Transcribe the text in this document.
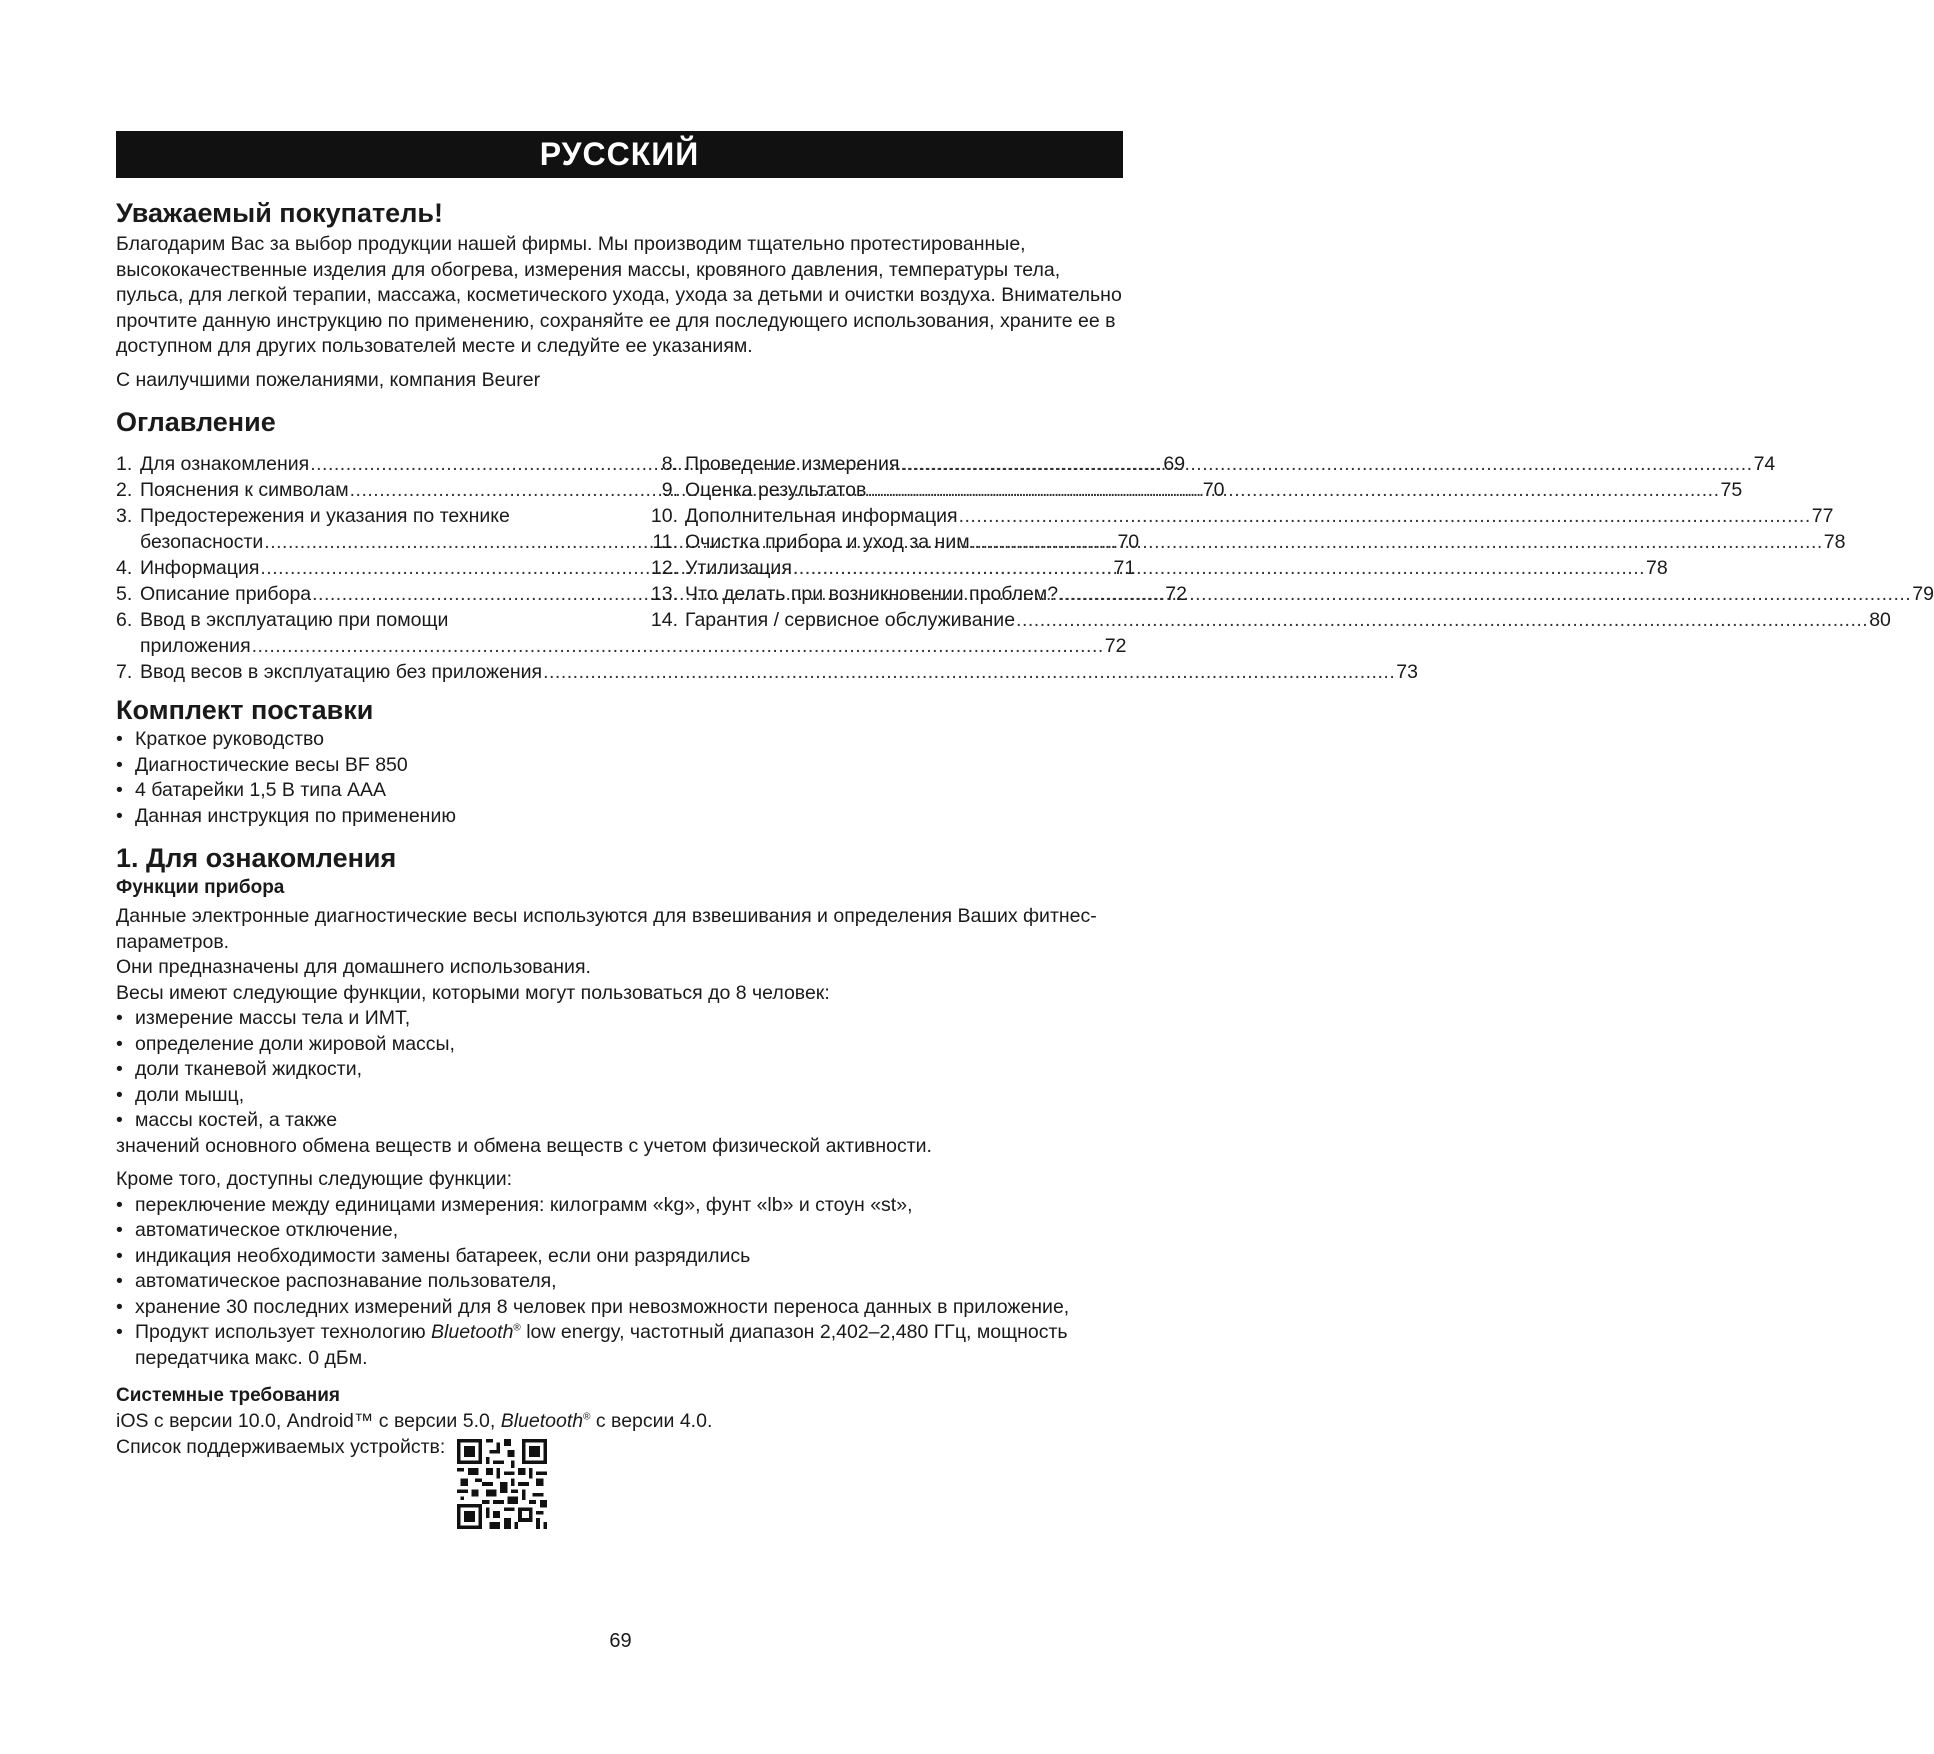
РУССКИЙ
Уважаемый покупатель!

Благодарим Вас за выбор продукции нашей фирмы. Мы производим тщательно протестированные, высококачественные изделия для обогрева, измерения массы, кровяного давления, температуры тела, пульса, для легкой терапии, массажа, косметического ухода, ухода за детьми и очистки воздуха. Внимательно прочтите данную инструкцию по применению, сохраняйте ее для последующего использования, храните ее в доступном для других пользователей месте и следуйте ее указаниям.

С наилучшими пожеланиями, компания Beurer

Оглавление
1. Для ознакомления .....	69
2. Пояснения к символам .....	70
3. Предостережения и указания по технике
безопасности .....	70
4. Информация .....	71
5. Описание прибора .....	72
6. Ввод в эксплуатацию при помощи
приложения .....	72
7. Ввод весов в эксплуатацию без приложения .....	73
8. Проведение измерения .....	74
9. Оценка результатов .....	75
10. Дополнительная информация .....	77
11. Очистка прибора и уход за ним .....	78
12. Утилизация .....	78
13. Что делать при возникновении проблем? .....	79
14. Гарантия / сервисное обслуживание .....	80
Комплект поставки
• Краткое руководство
• Диагностические весы BF 850
• 4 батарейки 1,5 В типа ААА
• Данная инструкция по применению
1. Для ознакомления
Функции прибора

Данные электронные диагностические весы используются для взвешивания и определения Ваших фитнес-параметров.

Они предназначены для домашнего использования.

Весы имеют следующие функции, которыми могут пользоваться до 8 человек:

• измерение массы тела и ИМТ,
• определение доли жировой массы,
• доли тканевой жидкости,
• доли мышц,
• массы костей, а также

значений основного обмена веществ и обмена веществ с учетом физической активности.

Кроме того, доступны следующие функции:

• переключение между единицами измерения: килограмм «kg», фунт «lb» и стоун «st»,
• автоматическое отключение,
• индикация необходимости замены батареек, если они разрядились
• автоматическое распознавание пользователя,
• хранение 30 последних измерений для 8 человек при невозможности переноса данных в приложение,
• Продукт использует технологию Bluetooth® low energy, частотный диапазон 2,402–2,480 ГГц, мощность передатчика макс. 0 дБм.
Системные требования

iOS с версии 10.0, Android™ с версии 5.0, Bluetooth® с версии 4.0.

Список поддерживаемых устройств:

69
